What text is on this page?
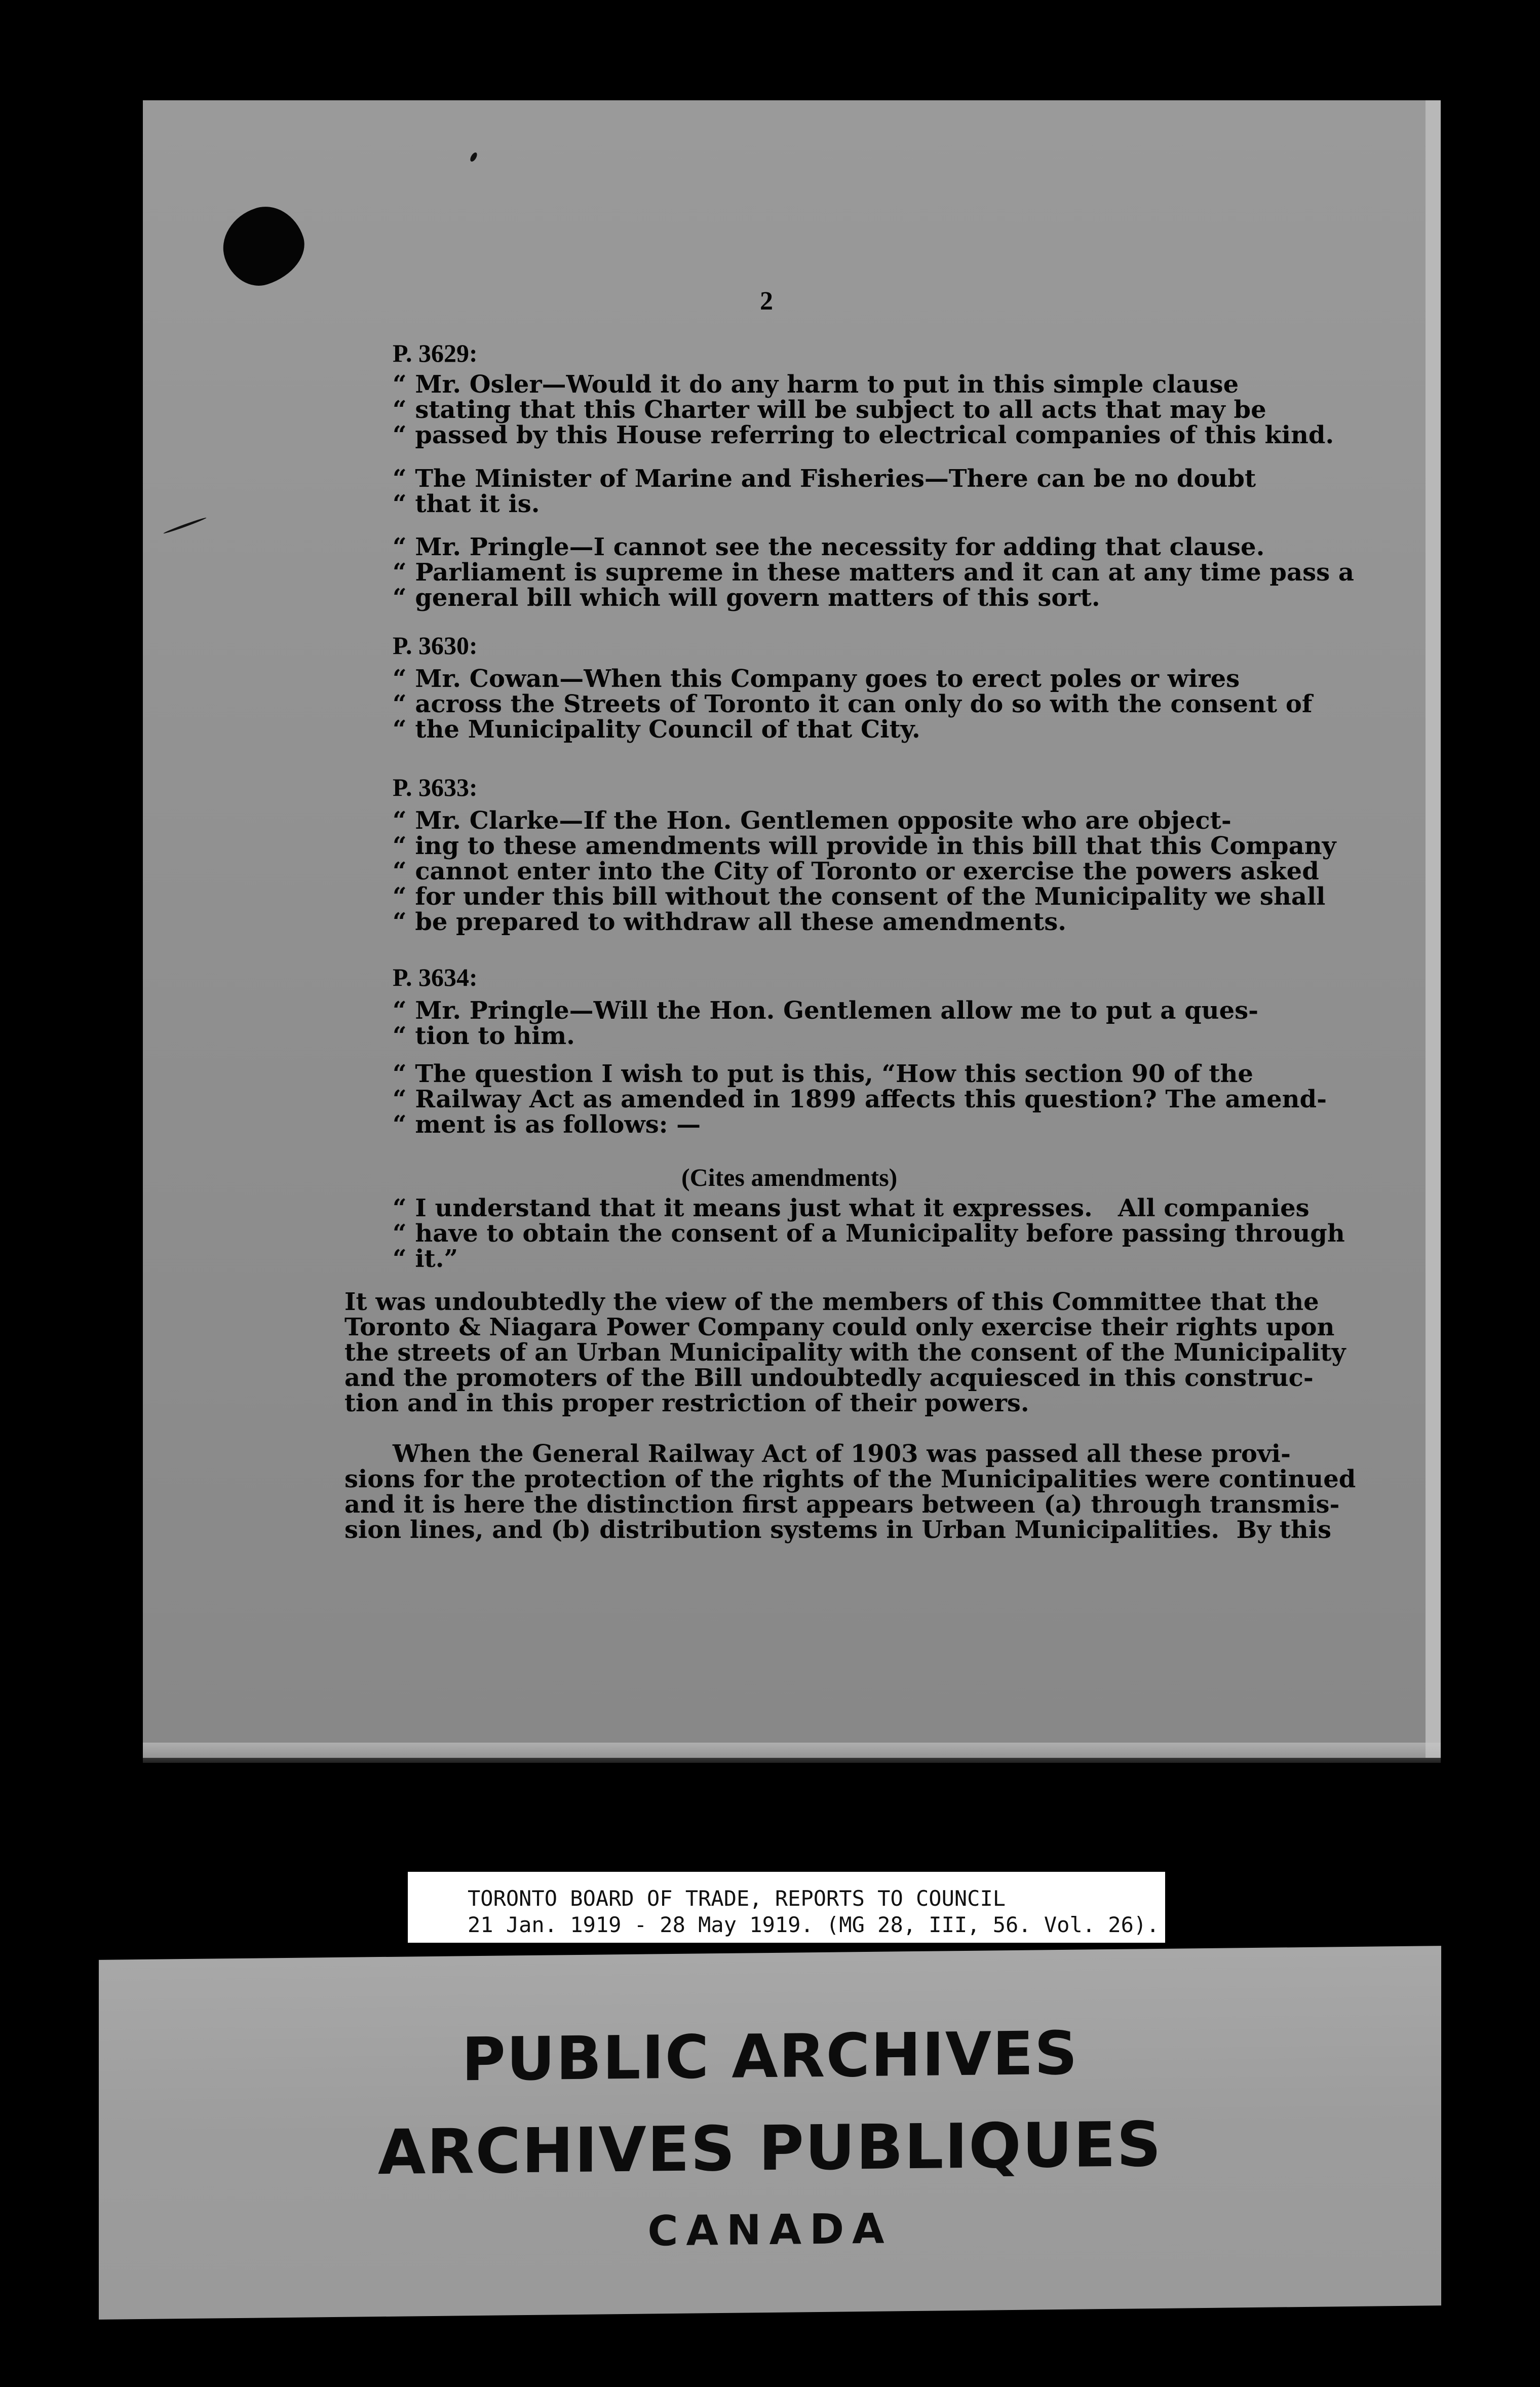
2
P. 3629:
“ Mr. Osler—Would it do any harm to put in this simple clause
“ stating that this Charter will be subject to all acts that may be
“ passed by this House referring to electrical companies of this kind.
“ The Minister of Marine and Fisheries—There can be no doubt
“ that it is.
“ Mr. Pringle—I cannot see the necessity for adding that clause.
“ Parliament is supreme in these matters and it can at any time pass a
“ general bill which will govern matters of this sort.
P. 3630:
“ Mr. Cowan—When this Company goes to erect poles or wires
“ across the Streets of Toronto it can only do so with the consent of
“ the Municipality Council of that City.
P. 3633:
“ Mr. Clarke—If the Hon. Gentlemen opposite who are object-
“ ing to these amendments will provide in this bill that this Company
“ cannot enter into the City of Toronto or exercise the powers asked
“ for under this bill without the consent of the Municipality we shall
“ be prepared to withdraw all these amendments.
P. 3634:
“ Mr. Pringle—Will the Hon. Gentlemen allow me to put a ques-
“ tion to him.
“ The question I wish to put is this, “How this section 90 of the
“ Railway Act as amended in 1899 affects this question? The amend-
“ ment is as follows: —
(Cites amendments)
“ I understand that it means just what it expresses.   All companies
“ have to obtain the consent of a Municipality before passing through
“ it.”
It was undoubtedly the view of the members of this Committee that the
Toronto & Niagara Power Company could only exercise their rights upon
the streets of an Urban Municipality with the consent of the Municipality
and the promoters of the Bill undoubtedly acquiesced in this construc-
tion and in this proper restriction of their powers.
When the General Railway Act of 1903 was passed all these provi-
sions for the protection of the rights of the Municipalities were continued
and it is here the distinction first appears between (a) through transmis-
sion lines, and (b) distribution systems in Urban Municipalities.  By this
TORONTO BOARD OF TRADE, REPORTS TO COUNCIL
21 Jan. 1919 - 28 May 1919. (MG 28, III, 56. Vol. 26).
PUBLIC ARCHIVES
ARCHIVES PUBLIQUES
CANADA
